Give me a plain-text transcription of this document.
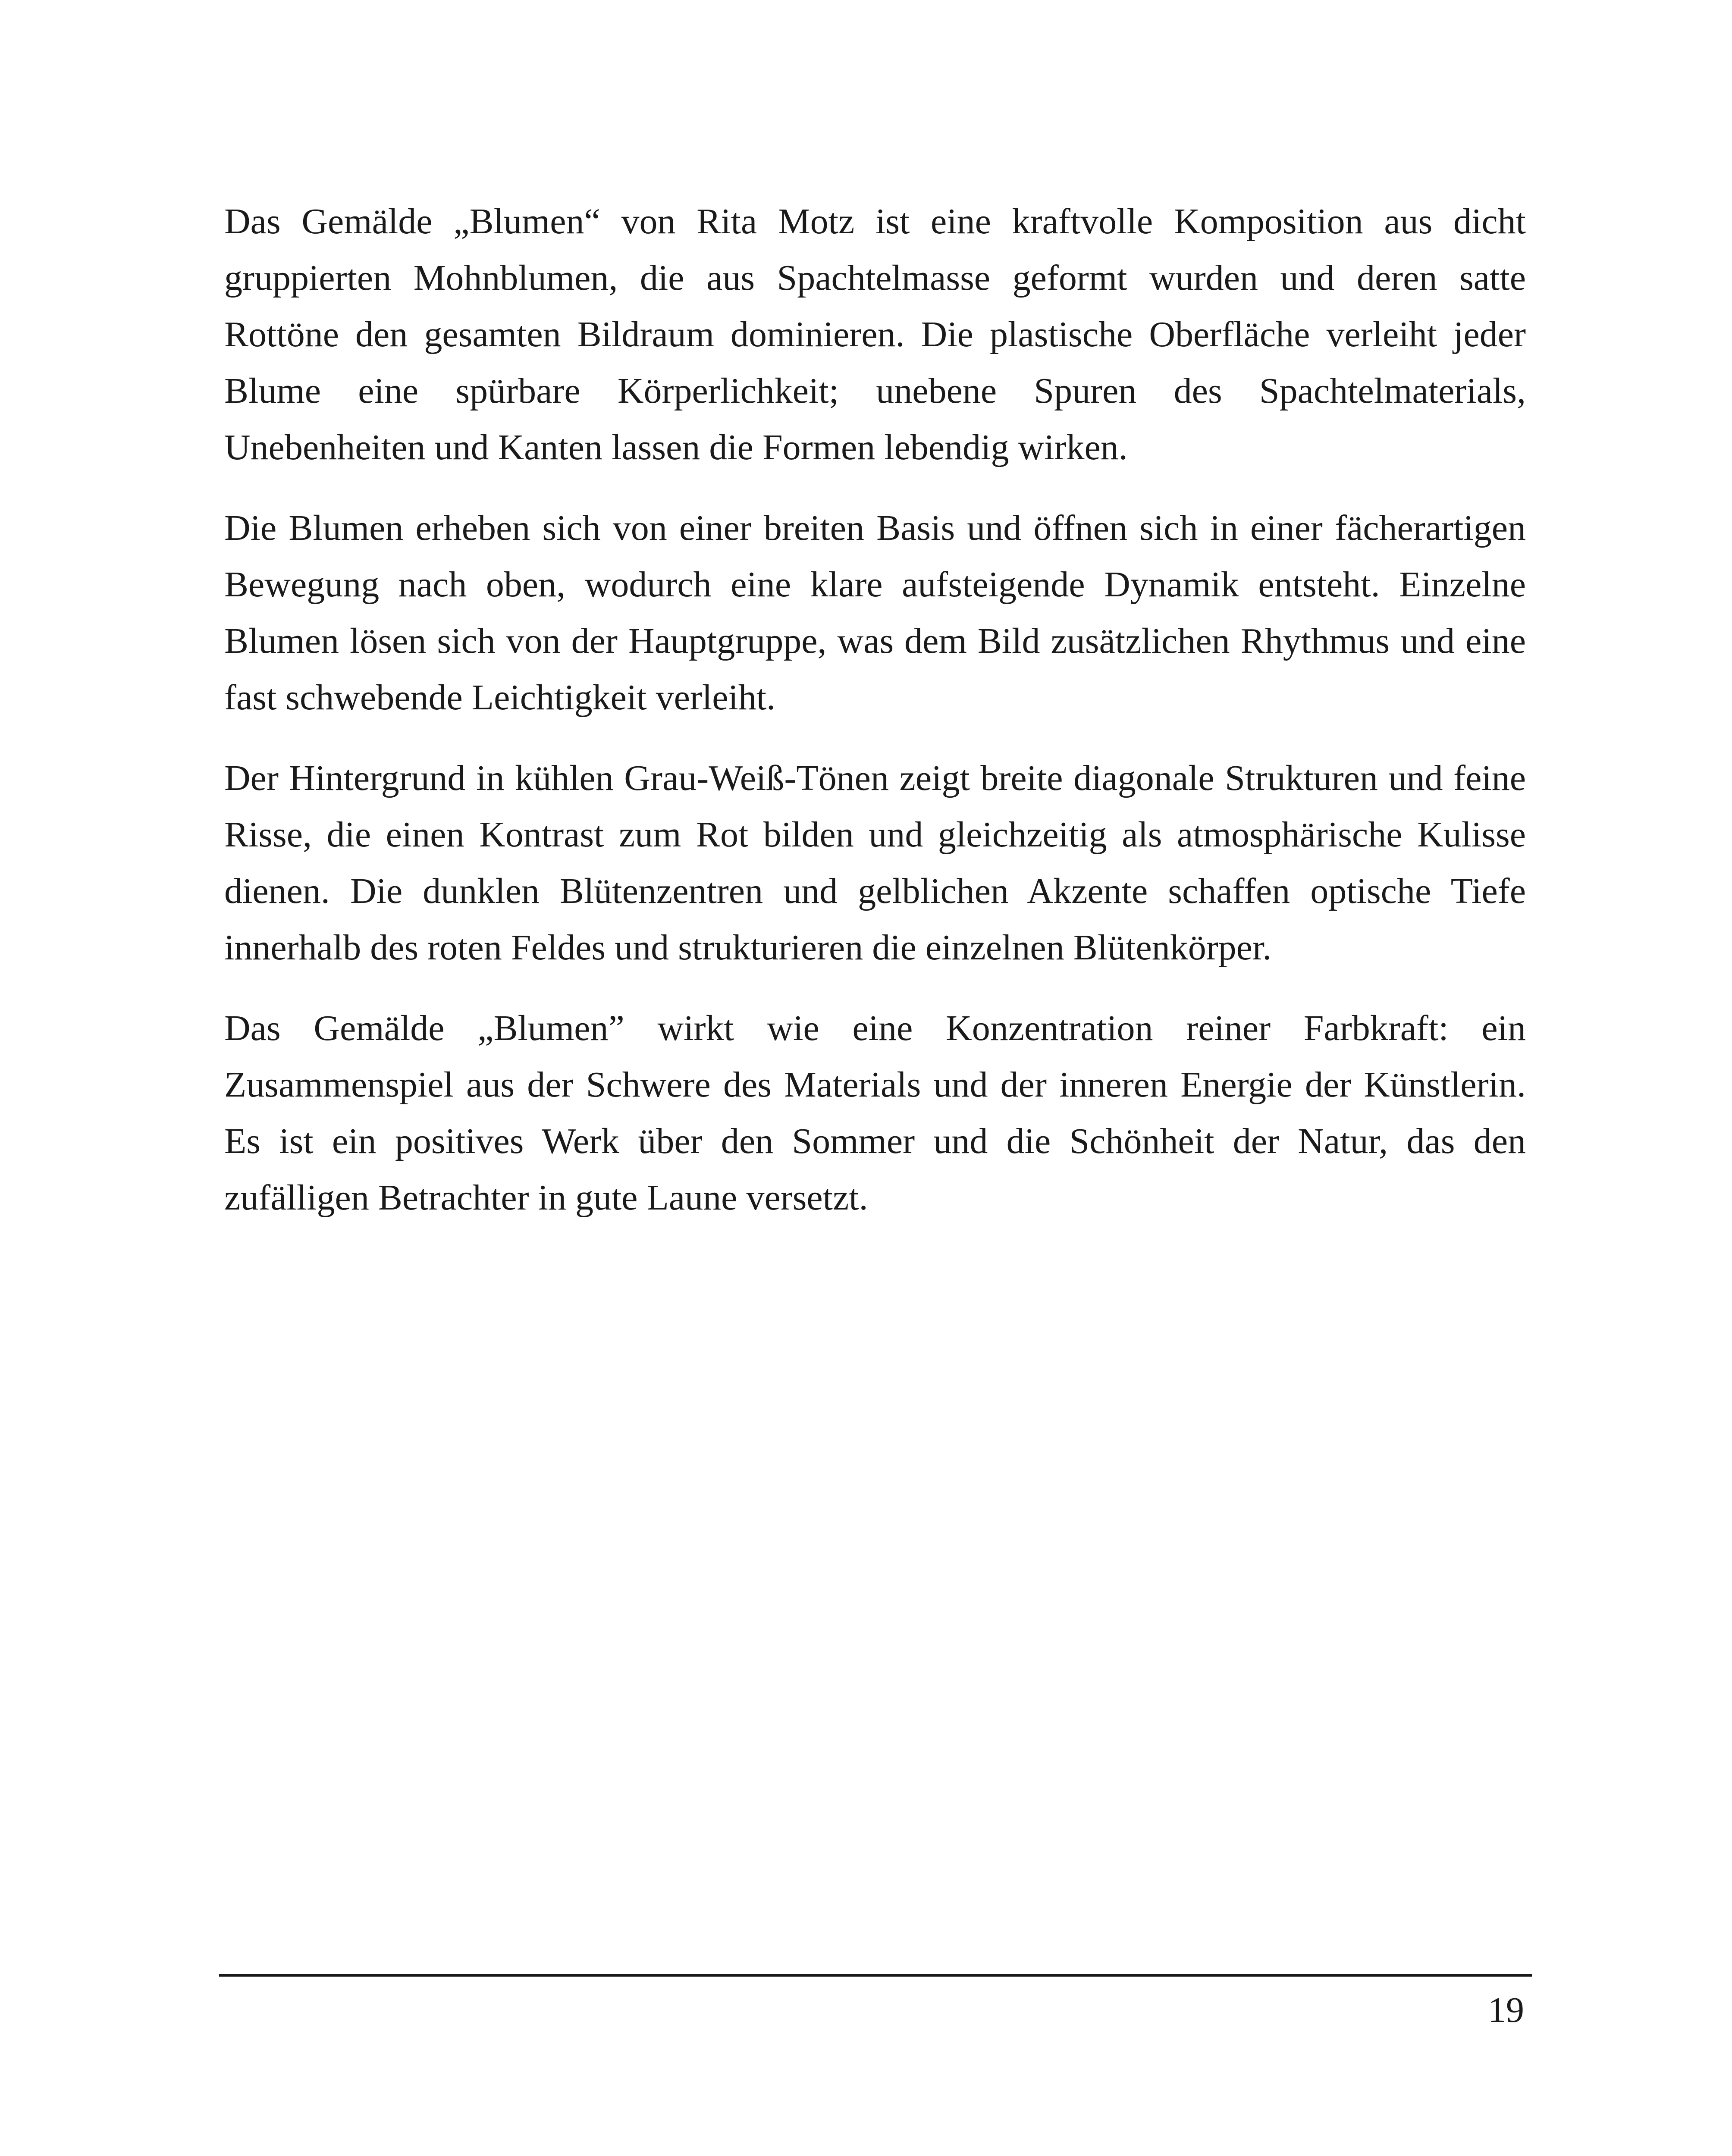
Das Gemälde „Blumen“ von Rita Motz ist eine kraftvolle Komposition aus dicht gruppierten Mohnblumen, die aus Spachtelmasse geformt wurden und deren satte Rottöne den gesamten Bildraum dominieren. Die plastische Oberfläche verleiht jeder Blume eine spürbare Körperlichkeit; unebene Spuren des Spachtelmaterials, Unebenheiten und Kanten lassen die Formen lebendig wirken.

Die Blumen erheben sich von einer breiten Basis und öffnen sich in einer fächerartigen Bewegung nach oben, wodurch eine klare aufsteigende Dynamik entsteht. Einzelne Blumen lösen sich von der Hauptgruppe, was dem Bild zusätzlichen Rhythmus und eine fast schwebende Leichtigkeit verleiht.

Der Hintergrund in kühlen Grau-Weiß-Tönen zeigt breite diagonale Strukturen und feine Risse, die einen Kontrast zum Rot bilden und gleichzeitig als atmosphärische Kulisse dienen. Die dunklen Blütenzentren und gelblichen Akzente schaffen optische Tiefe innerhalb des roten Feldes und strukturieren die einzelnen Blütenkörper.

Das Gemälde „Blumen” wirkt wie eine Konzentration reiner Farbkraft: ein Zusammenspiel aus der Schwere des Materials und der inneren Energie der Künstlerin. Es ist ein positives Werk über den Sommer und die Schönheit der Natur, das den zufälligen Betrachter in gute Laune versetzt.

19
